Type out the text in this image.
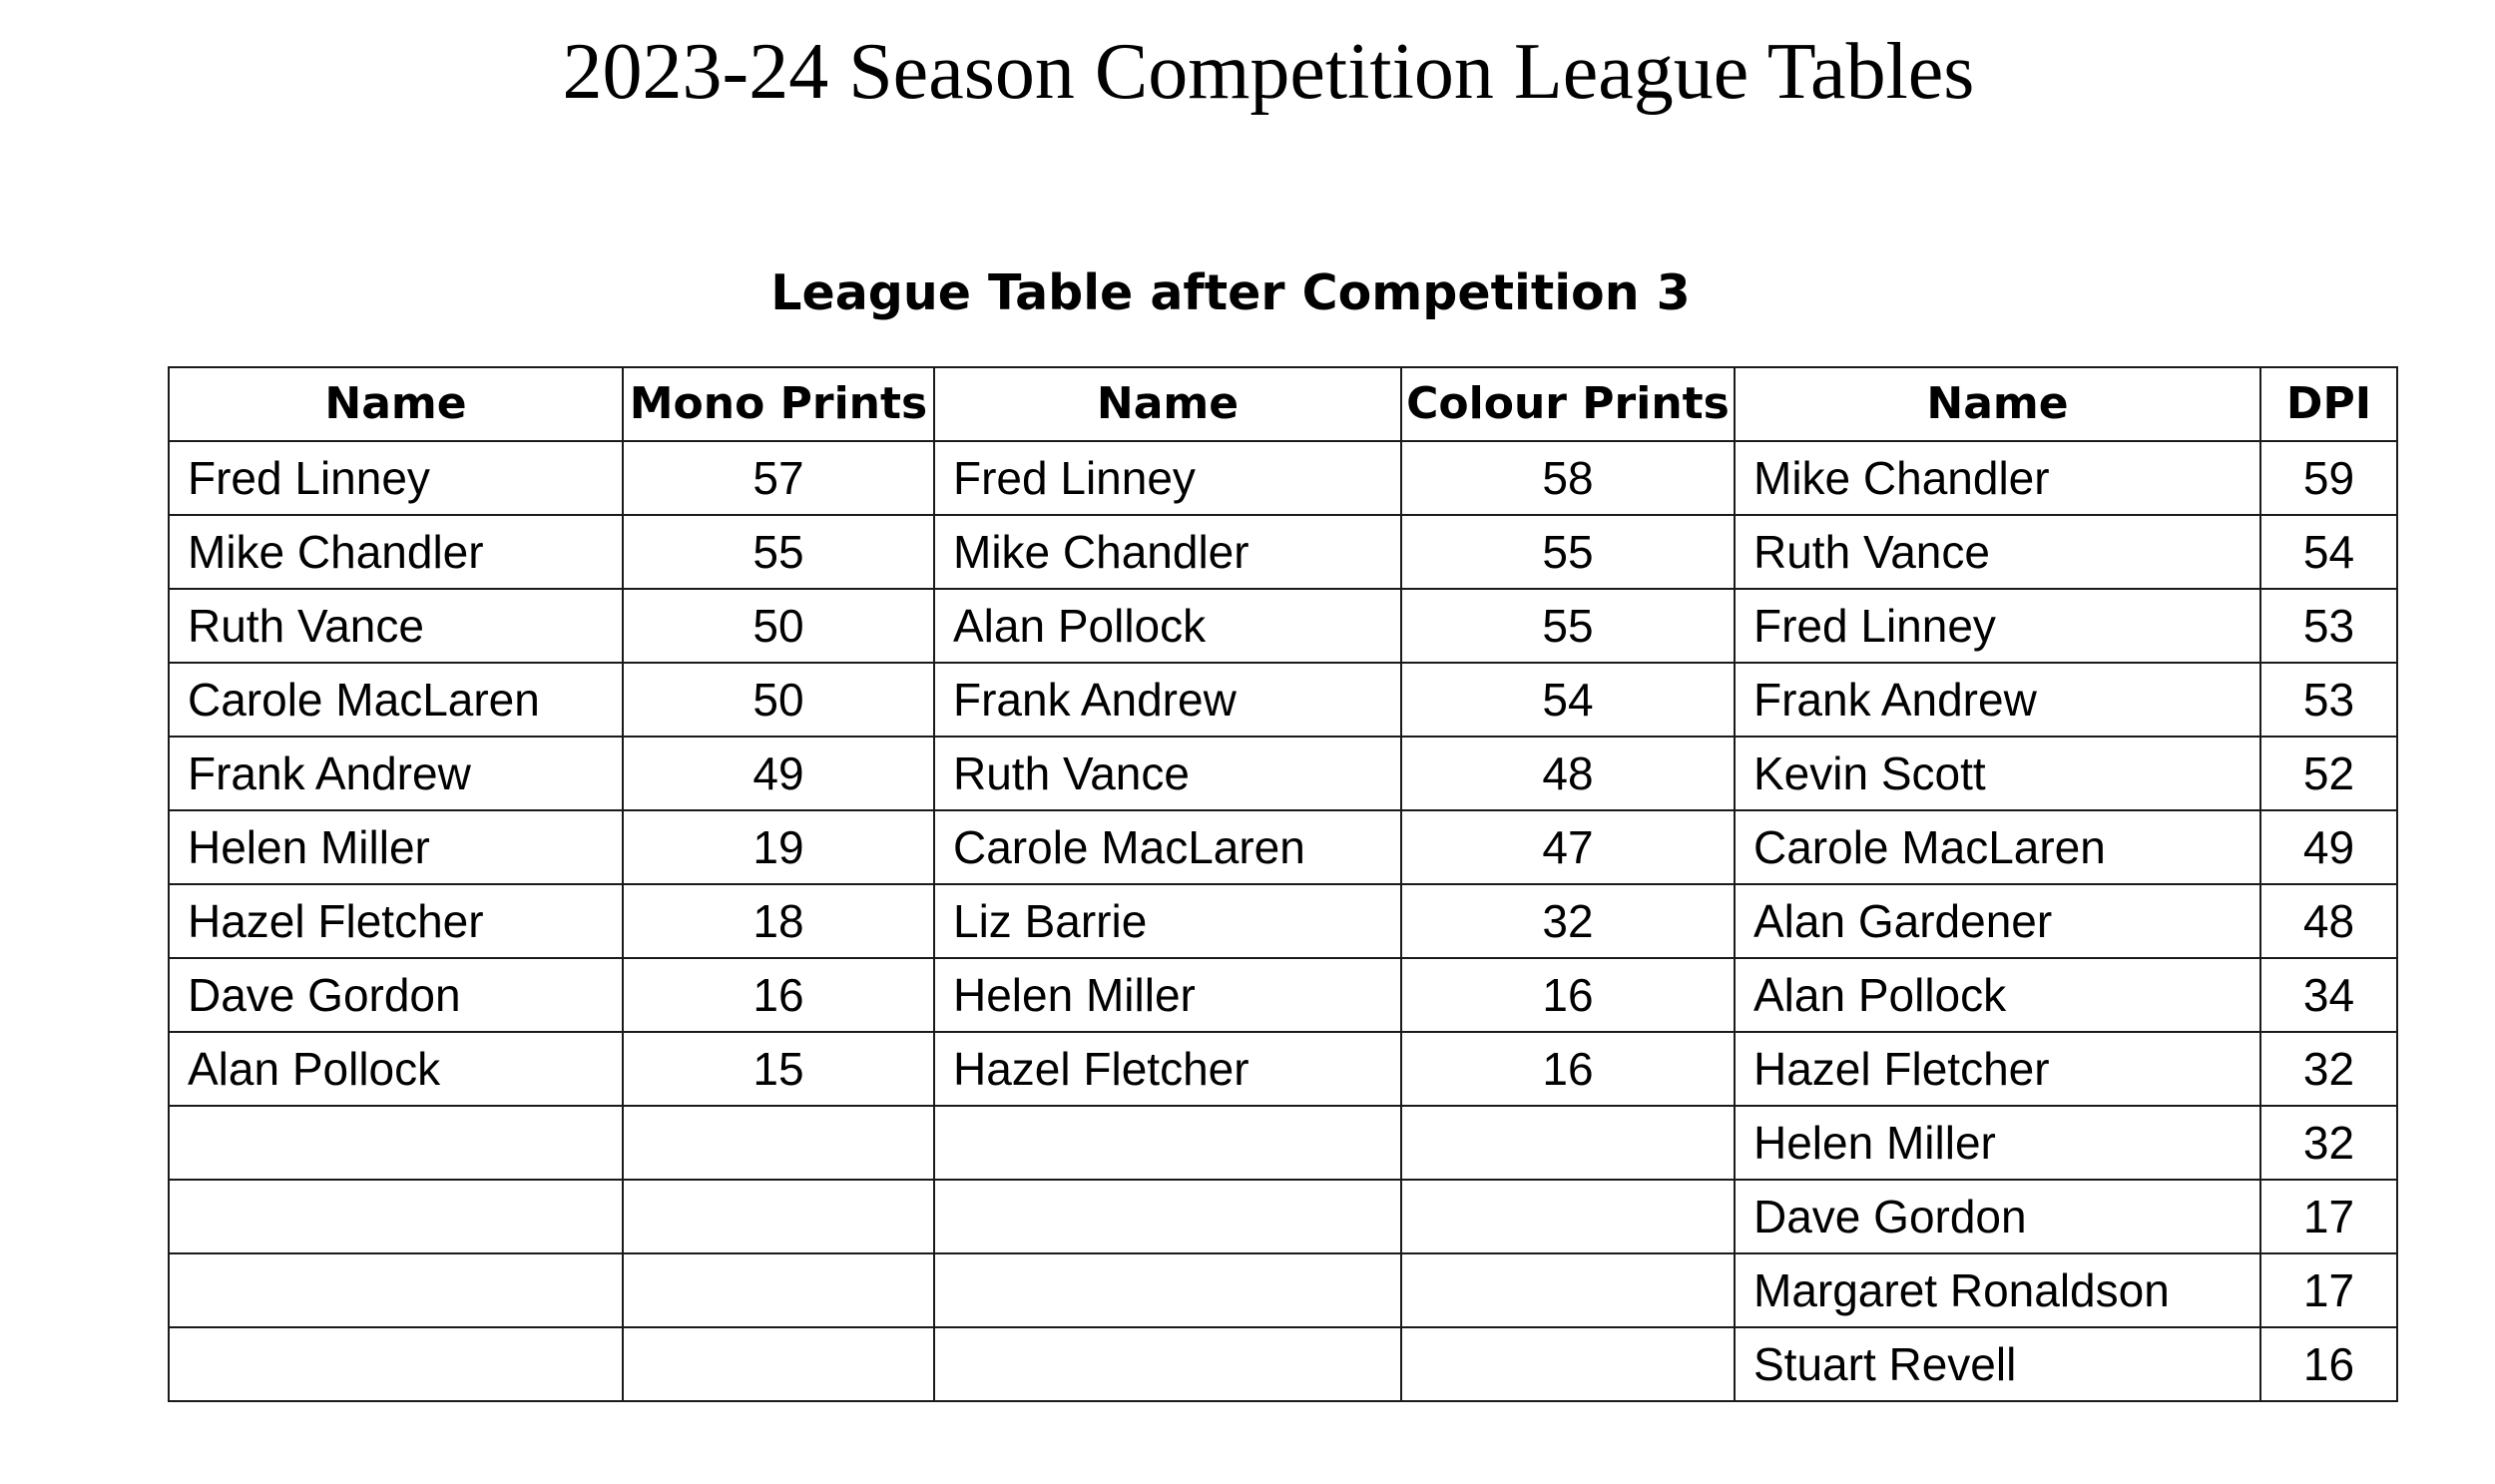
2023-24 Season Competition League Tables
League Table after Competition 3
Name	Mono Prints	Name	Colour Prints	Name	DPI
Fred Linney	57	Fred Linney	58	Mike Chandler	59
Mike Chandler	55	Mike Chandler	55	Ruth Vance	54
Ruth Vance	50	Alan Pollock	55	Fred Linney	53
Carole MacLaren	50	Frank Andrew	54	Frank Andrew	53
Frank Andrew	49	Ruth Vance	48	Kevin Scott	52
Helen Miller	19	Carole MacLaren	47	Carole MacLaren	49
Hazel Fletcher	18	Liz Barrie	32	Alan Gardener	48
Dave Gordon	16	Helen Miller	16	Alan Pollock	34
Alan Pollock	15	Hazel Fletcher	16	Hazel Fletcher	32
				Helen Miller	32
				Dave Gordon	17
				Margaret Ronaldson	17
				Stuart Revell	16
